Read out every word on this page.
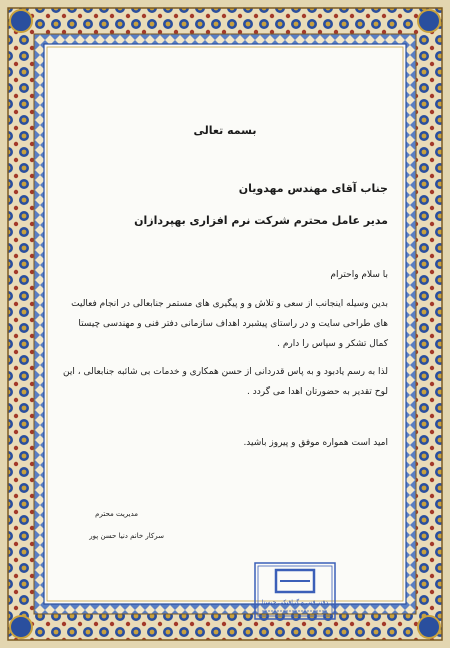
بسمه تعالی
جناب آقای مهندس مهدویان
مدیر عامل محترم شرکت نرم افزاری بهپردازان
با سلام واحترام
بدین وسیله اینجانب از سعی و تلاش و و پیگیری های مستمر جنابعالی در انجام فعالیت های طراحی سایت و در راستای پیشبرد اهداف سازمانی دفتر فنی و مهندسی چیستا کمال تشکر و سپاس را دارم .
لذا به رسم یادبود و به پاس قدردانی از حسن همکاری و خدمات بی شائبه جنابعالی ، این لوح تقدیر به حضورتان اهدا می گردد .
امید است همواره موفق و پیروز باشید.
مدیریت محترم
سرکار خانم دنیا حسن پور
دفتر فنی و گرافیکی چیستا
